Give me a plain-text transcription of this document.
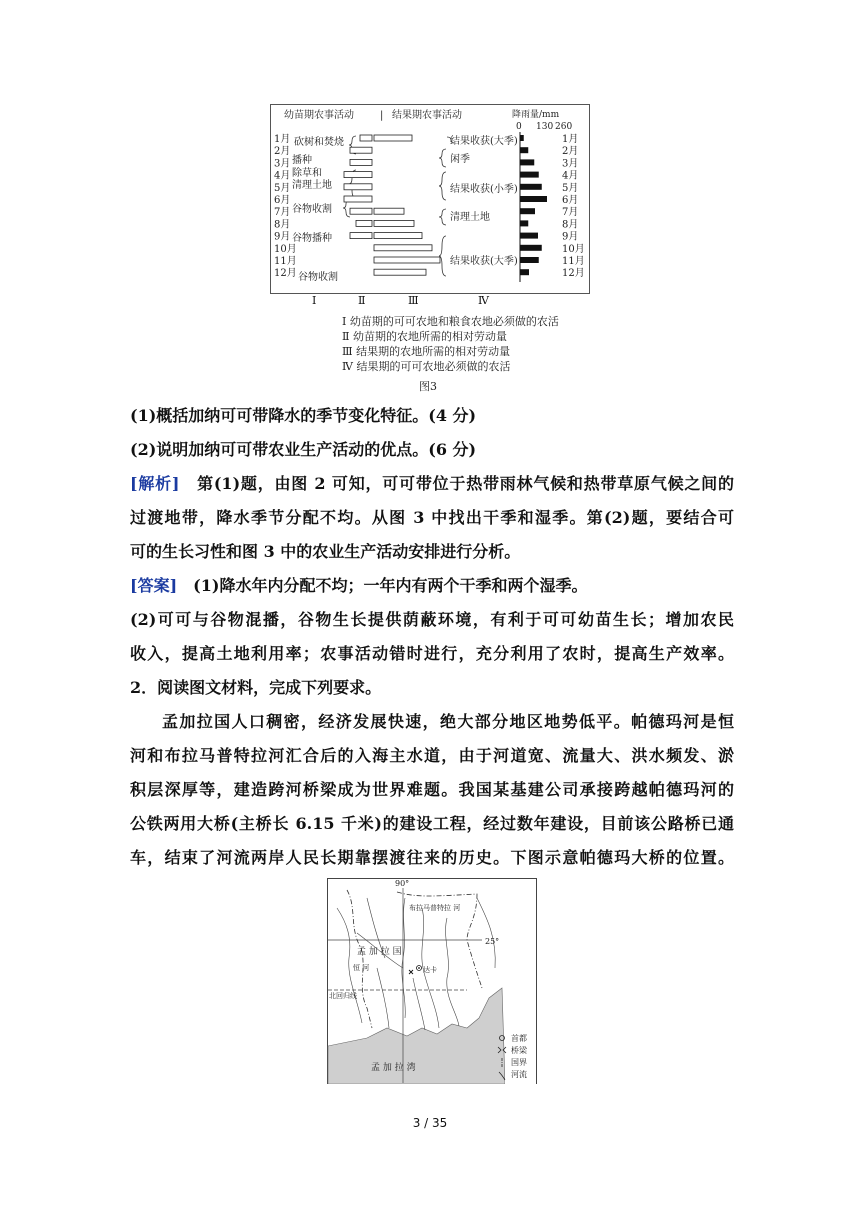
幼苗期农事活动	| 结果期农事活动	降雨量/mm
0 130 260
1月
2月
3月
4月
5月
6月
7月
8月
9月
10月
11月
12月
1月
2月
3月
4月
5月
6月
7月
8月
9月
10月
11月
12月
砍树和焚烧
播种
除草和
清理土地
谷物收割
谷物播种
谷物收割
结果收获(大季)
闲季
结果收获(小季)
清理土地
结果收获(大季)
Ⅰ	Ⅱ	Ⅲ	Ⅳ
Ⅰ 幼苗期的可可农地和粮食农地必须做的农活
Ⅱ 幼苗期的农地所需的相对劳动量
Ⅲ 结果期的农地所需的相对劳动量
Ⅳ 结果期的可可农地必须做的农活
图3
(1)概括加纳可可带降水的季节变化特征。(4 分)
(2)说明加纳可可带农业生产活动的优点。(6 分)
[解析]　 第(1)题，由图 2 可知，可可带位于热带雨林气候和热带草原气候之间的
过渡地带，降水季节分配不均。从图 3 中找出干季和湿季。第(2)题，要结合可
可的生长习性和图 3 中的农业生产活动安排进行分析。
[答案]　 (1)降水年内分配不均；一年内有两个干季和两个湿季。
(2)可可与谷物混播，谷物生长提供荫蔽环境，有利于可可幼苗生长；增加农民
收入，提高土地利用率；农事活动错时进行，充分利用了农时，提高生产效率。
2．阅读图文材料，完成下列要求。
孟加拉国人口稠密，经济发展快速，绝大部分地区地势低平。帕德玛河是恒
河和布拉马普特拉河汇合后的入海主水道，由于河道宽、流量大、洪水频发、淤
积层深厚等，建造跨河桥梁成为世界难题。我国某基建公司承接跨越帕德玛河的
公铁两用大桥(主桥长 6.15 千米)的建设工程，经过数年建设，目前该公路桥已通
车，结束了河流两岸人民长期靠摆渡往来的历史。下图示意帕德玛大桥的位置。
90°
25°
布拉马普特拉 河
孟 加 拉 国
达卡
恒 河
北回归线
孟 加 拉 湾
首都
桥梁
国界
河流
3 / 35
